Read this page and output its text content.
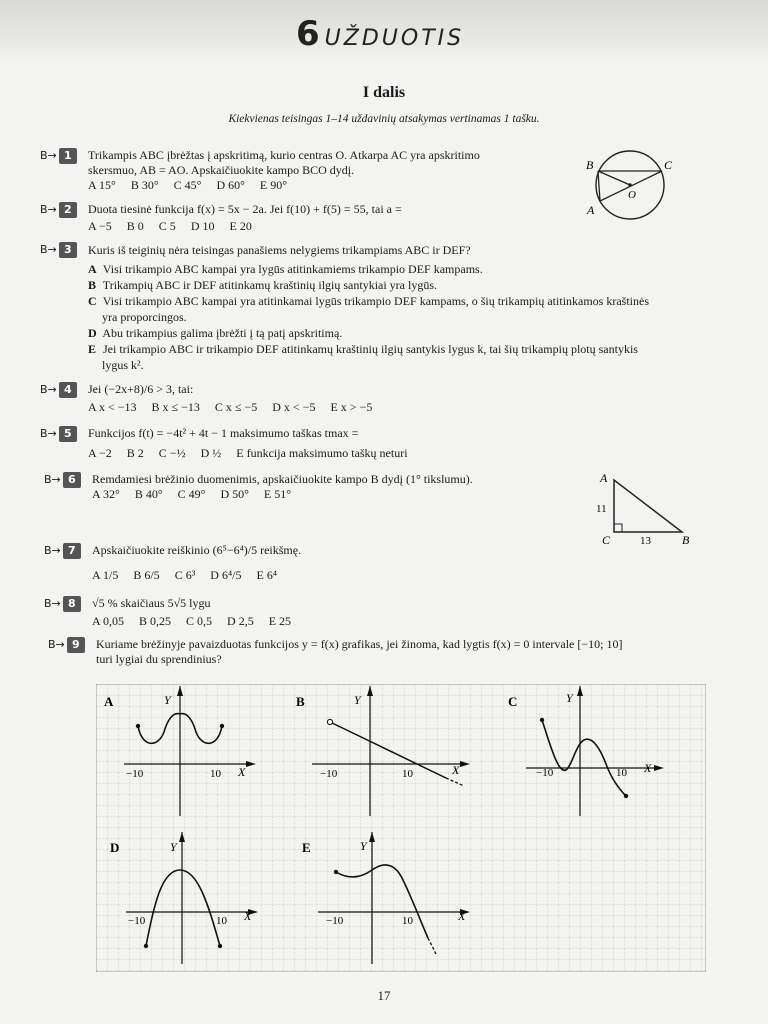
6 UŽDUOTIS
I dalis
Kiekvienas teisingas 1–14 uždavinių atsakymas vertinamas 1 tašku.
B→ 1	Trikampis ABC įbrėžtas į apskritimą, kurio centras O. Atkarpa AC yra apskritimo
skersmuo, AB = AO. Apskaičiuokite kampo BCO dydį.
A 15° B 30° C 45° D 60° E 90°
B	C
O
A
B→ 2	Duota tiesinė funkcija f(x) = 5x − 2a. Jei f(10) + f(5) = 55, tai a =
A −5 B 0 C 5 D 10 E 20
B→ 3	Kuris iš teiginių nėra teisingas panašiems nelygiems trikampiams ABC ir DEF?
A Visi trikampio ABC kampai yra lygūs atitinkamiems trikampio DEF kampams.
B Trikampių ABC ir DEF atitinkamų kraštinių ilgių santykiai yra lygūs.
C Visi trikampio ABC kampai yra atitinkamai lygūs trikampio DEF kampams, o šių trikampių atitinkamos kraštinės
yra proporcingos.
D Abu trikampius galima įbrėžti į tą patį apskritimą.
E Jei trikampio ABC ir trikampio DEF atitinkamų kraštinių ilgių santykis lygus k, tai šių trikampių plotų santykis
lygus k².
B→ 4	Jei (−2x+8)/6 > 3, tai:
A x < −13 B x ≤ −13 C x ≤ −5 D x < −5 E x > −5
B→ 5	Funkcijos f(t) = −4t² + 4t − 1 maksimumo taškas tmax =
A −2 B 2 C −½ D ½ E funkcija maksimumo taškų neturi
B→ 6	Remdamiesi brėžinio duomenimis, apskaičiuokite kampo B dydį (1° tikslumu).
A 32° B 40° C 49° D 50° E 51°
A
11
C	13	B
B→ 7	Apskaičiuokite reiškinio (6⁵−6⁴)/5 reikšmę.
A 1/5 B 6/5 C 6³ D 6⁴/5 E 6⁴
B→ 8	√5 % skaičiaus 5√5 lygu
A 0,05 B 0,25 C 0,5 D 2,5 E 25
B→ 9	Kuriame brėžinyje pavaizduotas funkcijos y = f(x) grafikas, jei žinoma, kad lygtis f(x) = 0 intervale [−10; 10]
turi lygiai du sprendinius?
A	Y
X
−10	10
B	Y
X
−10	10
C	Y
X
−10	10
D	Y
X
−10	10
E	Y
X
−10	10
17
